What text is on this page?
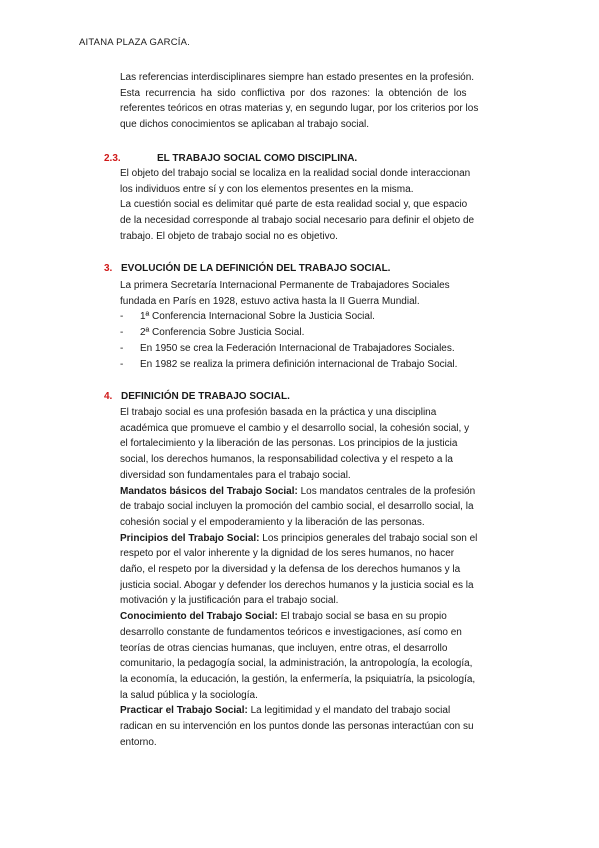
AITANA PLAZA GARCÍA.
Las referencias interdisciplinares siempre han estado presentes en la profesión.
Esta recurrencia ha sido conflictiva por dos razones: la obtención de los
referentes teóricos en otras materias y, en segundo lugar, por los criterios por los
que dichos conocimientos se aplicaban al trabajo social.
2.3.	EL TRABAJO SOCIAL COMO DISCIPLINA.
El objeto del trabajo social se localiza en la realidad social donde interaccionan
los individuos entre sí y con los elementos presentes en la misma.
La cuestión social es delimitar qué parte de esta realidad social y, que espacio
de la necesidad corresponde al trabajo social necesario para definir el objeto de
trabajo. El objeto de trabajo social no es objetivo.
3. EVOLUCIÓN DE LA DEFINICIÓN DEL TRABAJO SOCIAL.
La primera Secretaría Internacional Permanente de Trabajadores Sociales
fundada en París en 1928, estuvo activa hasta la II Guerra Mundial.
- 1ª Conferencia Internacional Sobre la Justicia Social.
- 2ª Conferencia Sobre Justicia Social.
- En 1950 se crea la Federación Internacional de Trabajadores Sociales.
- En 1982 se realiza la primera definición internacional de Trabajo Social.
4. DEFINICIÓN DE TRABAJO SOCIAL.
El trabajo social es una profesión basada en la práctica y una disciplina
académica que promueve el cambio y el desarrollo social, la cohesión social, y
el fortalecimiento y la liberación de las personas. Los principios de la justicia
social, los derechos humanos, la responsabilidad colectiva y el respeto a la
diversidad son fundamentales para el trabajo social.
Mandatos básicos del Trabajo Social: Los mandatos centrales de la profesión
de trabajo social incluyen la promoción del cambio social, el desarrollo social, la
cohesión social y el empoderamiento y la liberación de las personas.
Principios del Trabajo Social: Los principios generales del trabajo social son el
respeto por el valor inherente y la dignidad de los seres humanos, no hacer
daño, el respeto por la diversidad y la defensa de los derechos humanos y la
justicia social. Abogar y defender los derechos humanos y la justicia social es la
motivación y la justificación para el trabajo social.
Conocimiento del Trabajo Social: El trabajo social se basa en su propio
desarrollo constante de fundamentos teóricos e investigaciones, así como en
teorías de otras ciencias humanas, que incluyen, entre otras, el desarrollo
comunitario, la pedagogía social, la administración, la antropología, la ecología,
la economía, la educación, la gestión, la enfermería, la psiquiatría, la psicología,
la salud pública y la sociología.
Practicar el Trabajo Social: La legitimidad y el mandato del trabajo social
radican en su intervención en los puntos donde las personas interactúan con su
entorno.
